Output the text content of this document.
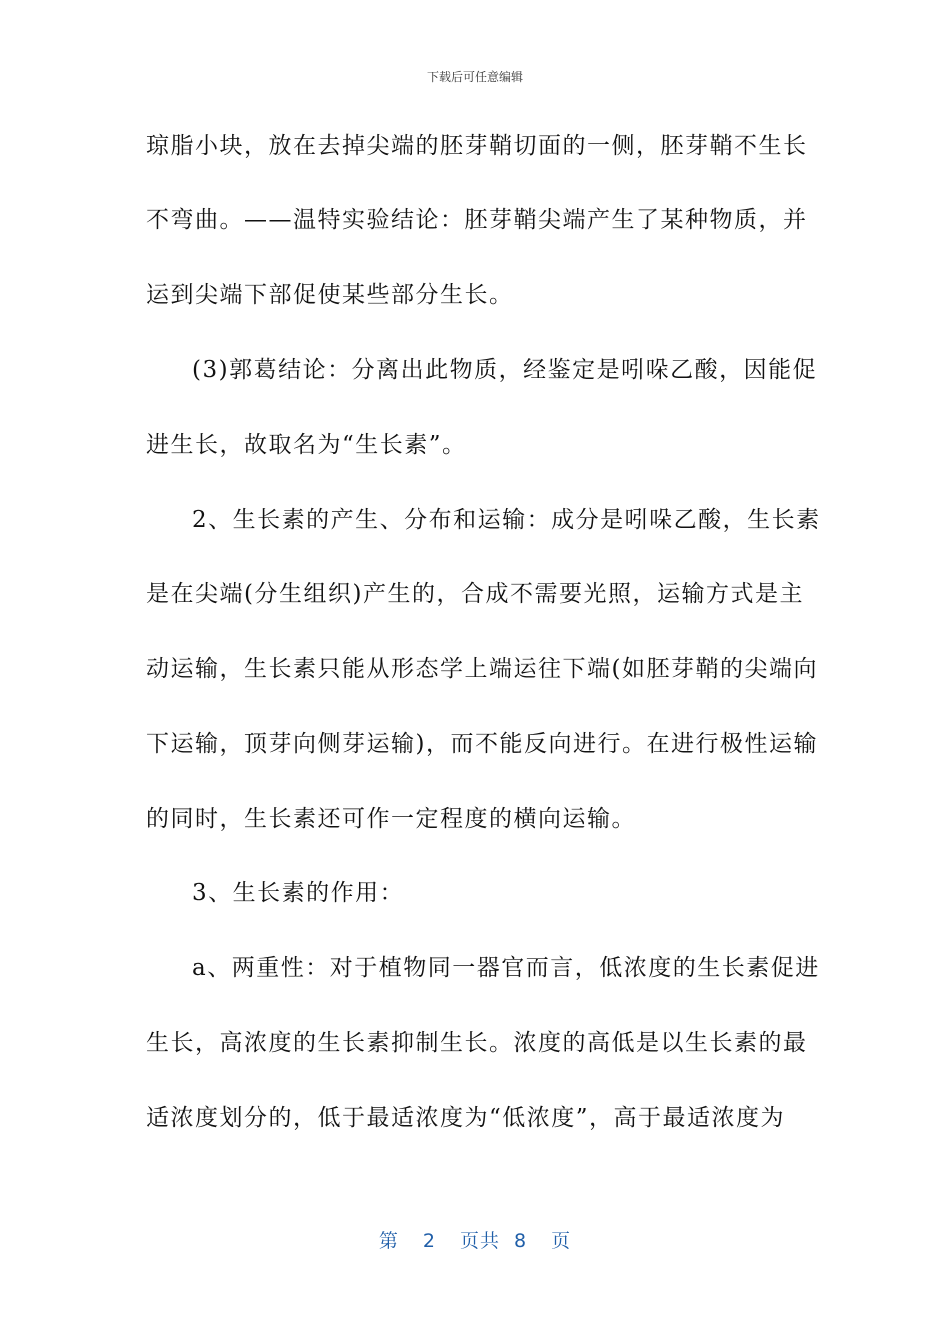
下载后可任意编辑
琼脂小块，放在去掉尖端的胚芽鞘切面的一侧，胚芽鞘不生长
不弯曲。——温特实验结论：胚芽鞘尖端产生了某种物质，并
运到尖端下部促使某些部分生长。
(3)郭葛结论：分离出此物质，经鉴定是吲哚乙酸，因能促
进生长，故取名为“生长素”。
2、生长素的产生、分布和运输：成分是吲哚乙酸，生长素
是在尖端(分生组织)产生的，合成不需要光照，运输方式是主
动运输，生长素只能从形态学上端运往下端(如胚芽鞘的尖端向
下运输，顶芽向侧芽运输)，而不能反向进行。在进行极性运输
的同时，生长素还可作一定程度的横向运输。
3、生长素的作用：
a、两重性：对于植物同一器官而言，低浓度的生长素促进
生长，高浓度的生长素抑制生长。浓度的高低是以生长素的最
适浓度划分的，低于最适浓度为“低浓度”，高于最适浓度为
第 2 页共 8 页
